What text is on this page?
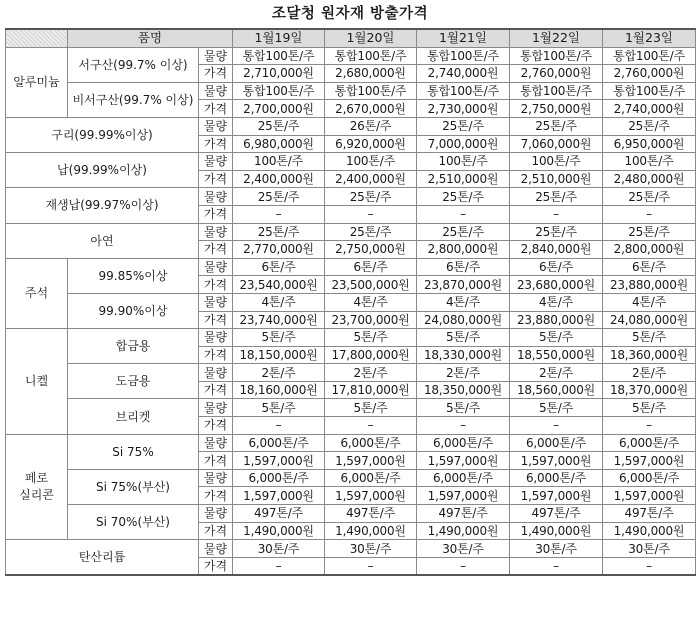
조달청 원자재 방출가격
	품명		1월19일	1월20일	1월21일	1월22일	1월23일
알루미늄	서구산(99.7% 이상)	물량	통합100톤/주	통합100톤/주	통합100톤/주	통합100톤/주	통합100톤/주
		가격	2,710,000원	2,680,000원	2,740,000원	2,760,000원	2,760,000원
	비서구산(99.7% 이상)	물량	통합100톤/주	통합100톤/주	통합100톤/주	통합100톤/주	통합100톤/주
		가격	2,700,000원	2,670,000원	2,730,000원	2,750,000원	2,740,000원
구리(99.99%이상)		물량	25톤/주	26톤/주	25톤/주	25톤/주	25톤/주
		가격	6,980,000원	6,920,000원	7,000,000원	7,060,000원	6,950,000원
납(99.99%이상)		물량	100톤/주	100톤/주	100톤/주	100톤/주	100톤/주
		가격	2,400,000원	2,400,000원	2,510,000원	2,510,000원	2,480,000원
재생납(99.97%이상)		물량	25톤/주	25톤/주	25톤/주	25톤/주	25톤/주
		가격	–	–	–	–	–
아연		물량	25톤/주	25톤/주	25톤/주	25톤/주	25톤/주
		가격	2,770,000원	2,750,000원	2,800,000원	2,840,000원	2,800,000원
주석	99.85%이상	물량	6톤/주	6톤/주	6톤/주	6톤/주	6톤/주
		가격	23,540,000원	23,500,000원	23,870,000원	23,680,000원	23,880,000원
	99.90%이상	물량	4톤/주	4톤/주	4톤/주	4톤/주	4톤/주
		가격	23,740,000원	23,700,000원	24,080,000원	23,880,000원	24,080,000원
니켈	합금용	물량	5톤/주	5톤/주	5톤/주	5톤/주	5톤/주
		가격	18,150,000원	17,800,000원	18,330,000원	18,550,000원	18,360,000원
	도금용	물량	2톤/주	2톤/주	2톤/주	2톤/주	2톤/주
		가격	18,160,000원	17,810,000원	18,350,000원	18,560,000원	18,370,000원
	브리켓	물량	5톤/주	5톤/주	5톤/주	5톤/주	5톤/주
		가격	–	–	–	–	–
페로
실리콘	Si 75%	물량	6,000톤/주	6,000톤/주	6,000톤/주	6,000톤/주	6,000톤/주
		가격	1,597,000원	1,597,000원	1,597,000원	1,597,000원	1,597,000원
	Si 75%(부산)	물량	6,000톤/주	6,000톤/주	6,000톤/주	6,000톤/주	6,000톤/주
		가격	1,597,000원	1,597,000원	1,597,000원	1,597,000원	1,597,000원
	Si 70%(부산)	물량	497톤/주	497톤/주	497톤/주	497톤/주	497톤/주
		가격	1,490,000원	1,490,000원	1,490,000원	1,490,000원	1,490,000원
탄산리튬		물량	30톤/주	30톤/주	30톤/주	30톤/주	30톤/주
		가격	–	–	–	–	–
